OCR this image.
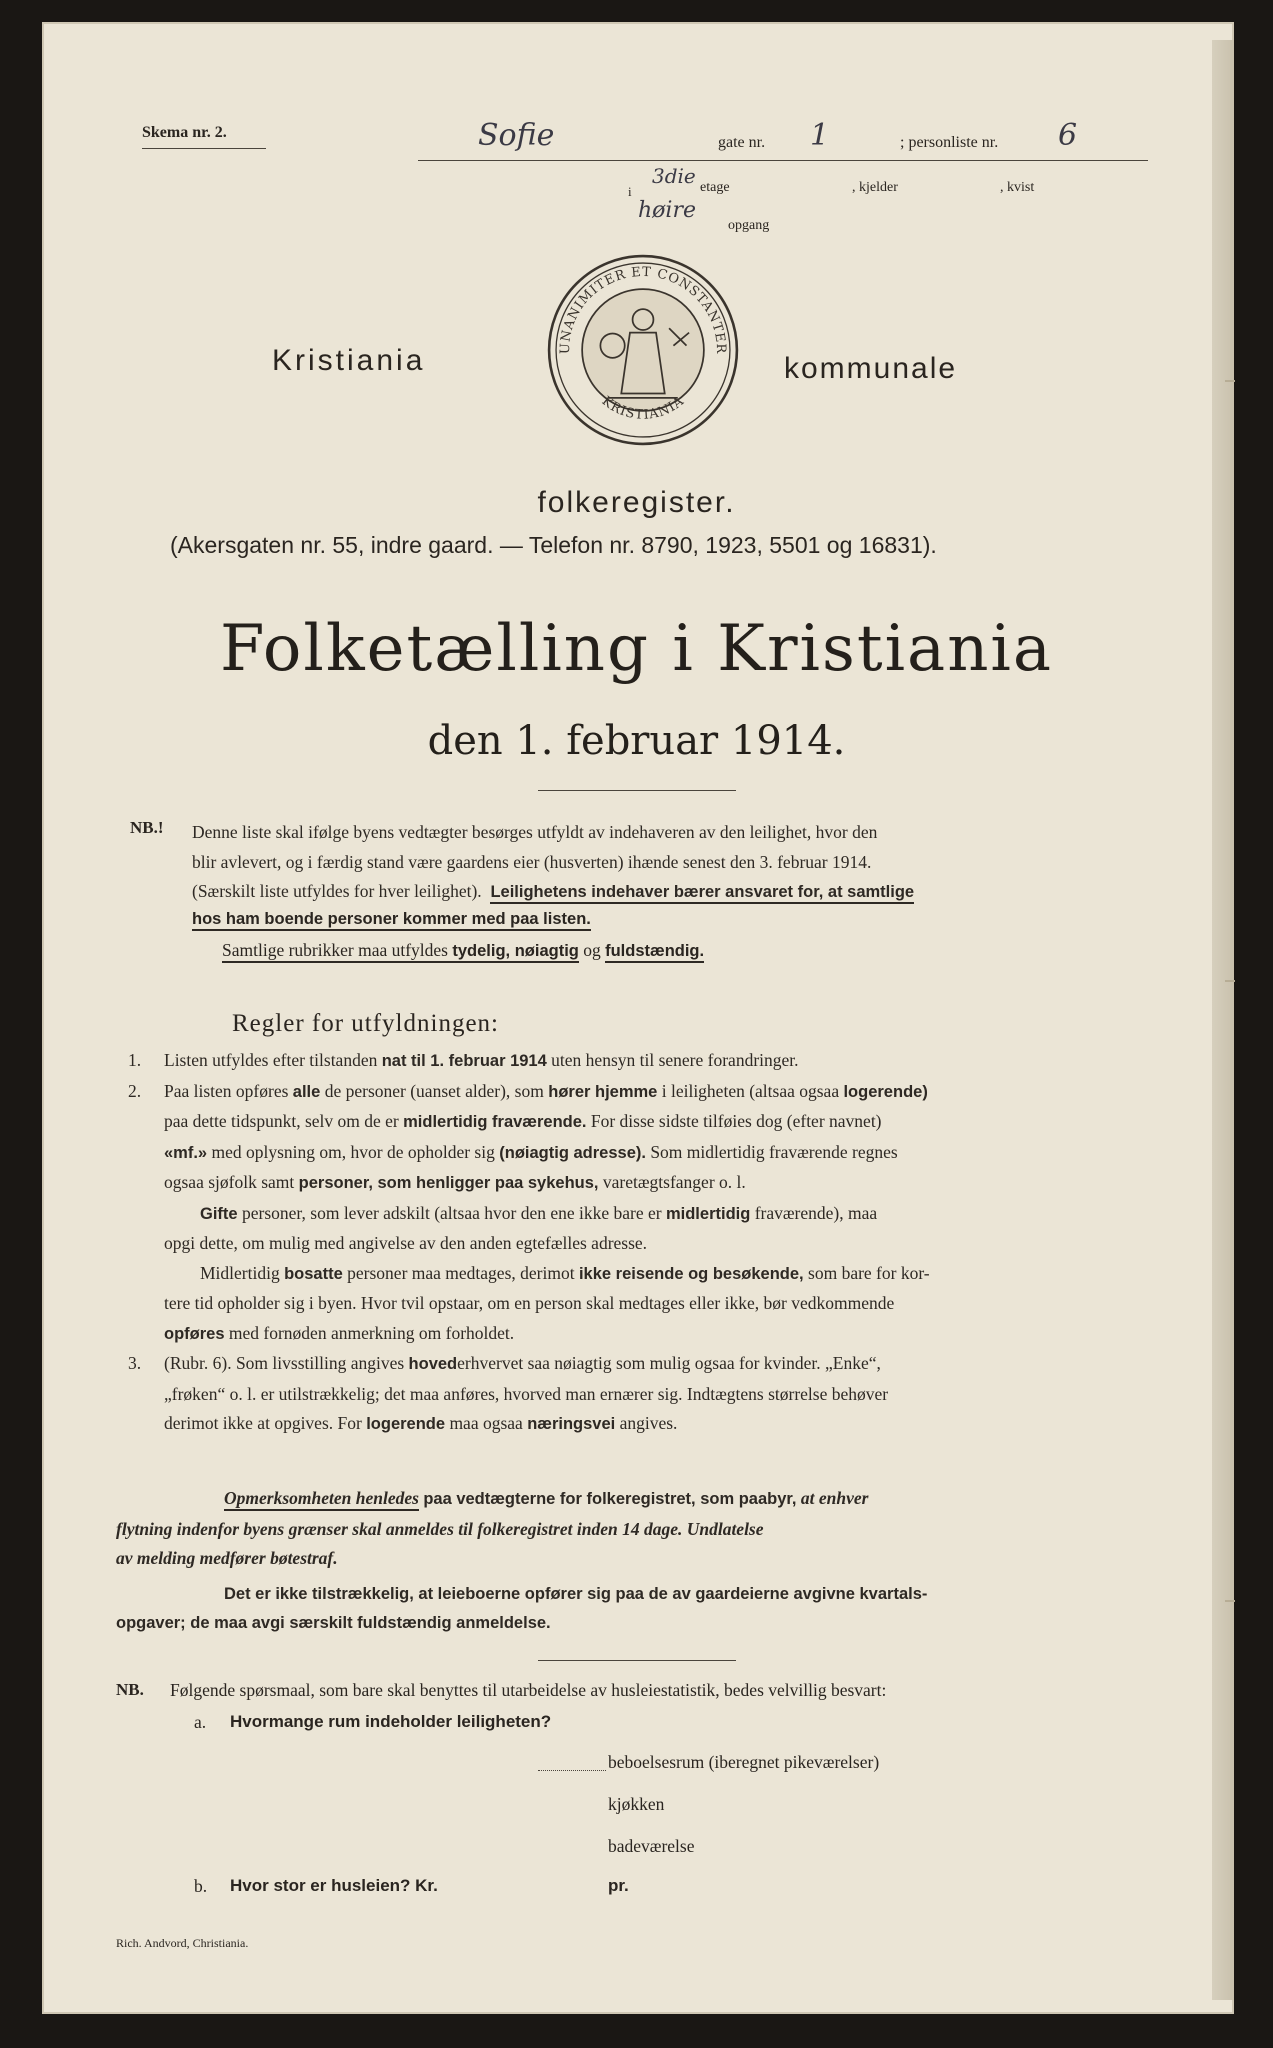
Skema nr. 2.	Sofie	gate nr. 1	; personliste nr. 6
i
3die etage	, kjelder	, kvist
høire
opgang
Kristiania	kommunale
UNANIMITER ET CONSTANTER
KRISTIANIA
folkeregister.
(Akersgaten nr. 55, indre gaard. — Telefon nr. 8790, 1923, 5501 og 16831).
Folketælling i Kristiania
den 1. februar 1914.
NB.! Denne liste skal ifølge byens vedtægter besørges utfyldt av indehaveren av den leilighet, hvor den

blir avlevert, og i færdig stand være gaardens eier (husverten) ihænde senest den 3. februar 1914.

(Særskilt liste utfyldes for hver leilighet). Leilighetens indehaver bærer ansvaret for, at samtlige

hos ham boende personer kommer med paa listen.
Samtlige rubrikker maa utfyldes tydelig, nøiagtig og fuldstændig.
Regler for utfyldningen:

1. Listen utfyldes efter tilstanden nat til 1. februar 1914 uten hensyn til senere forandringer.

2. Paa listen opføres alle de personer (uanset alder), som hører hjemme i leiligheten (altsaa ogsaa logerende)

paa dette tidspunkt, selv om de er midlertidig fraværende. For disse sidste tilføies dog (efter navnet)

«mf.» med oplysning om, hvor de opholder sig (nøiagtig adresse). Som midlertidig fraværende regnes

ogsaa sjøfolk samt personer, som henligger paa sykehus, varetægtsfanger o. l.

Gifte personer, som lever adskilt (altsaa hvor den ene ikke bare er midlertidig fraværende), maa

opgi dette, om mulig med angivelse av den anden egtefælles adresse.

Midlertidig bosatte personer maa medtages, derimot ikke reisende og besøkende, som bare for kor-

tere tid opholder sig i byen. Hvor tvil opstaar, om en person skal medtages eller ikke, bør vedkommende

opføres med fornøden anmerkning om forholdet.

3. (Rubr. 6). Som livsstilling angives hovederhvervet saa nøiagtig som mulig ogsaa for kvinder. „Enke“,

„frøken“ o. l. er utilstrækkelig; det maa anføres, hvorved man ernærer sig. Indtægtens størrelse behøver

derimot ikke at opgives. For logerende maa ogsaa næringsvei angives.

Opmerksomheten henledes paa vedtægterne for folkeregistret, som paabyr, at enhver

flytning indenfor byens grænser skal anmeldes til folkeregistret inden 14 dage. Undlatelse

av melding medfører bøtestraf.

Det er ikke tilstrækkelig, at leieboerne opfører sig paa de av gaardeierne avgivne kvartals-

opgaver; de maa avgi særskilt fuldstændig anmeldelse.

NB. Følgende spørsmaal, som bare skal benyttes til utarbeidelse av husleiestatistik, bedes velvillig besvart:
a. Hvormange rum indeholder leiligheten?
beboelsesrum (iberegnet pikeværelser)
kjøkken
badeværelse
b. Hvor stor er husleien? Kr.	pr.
Rich. Andvord, Christiania.
